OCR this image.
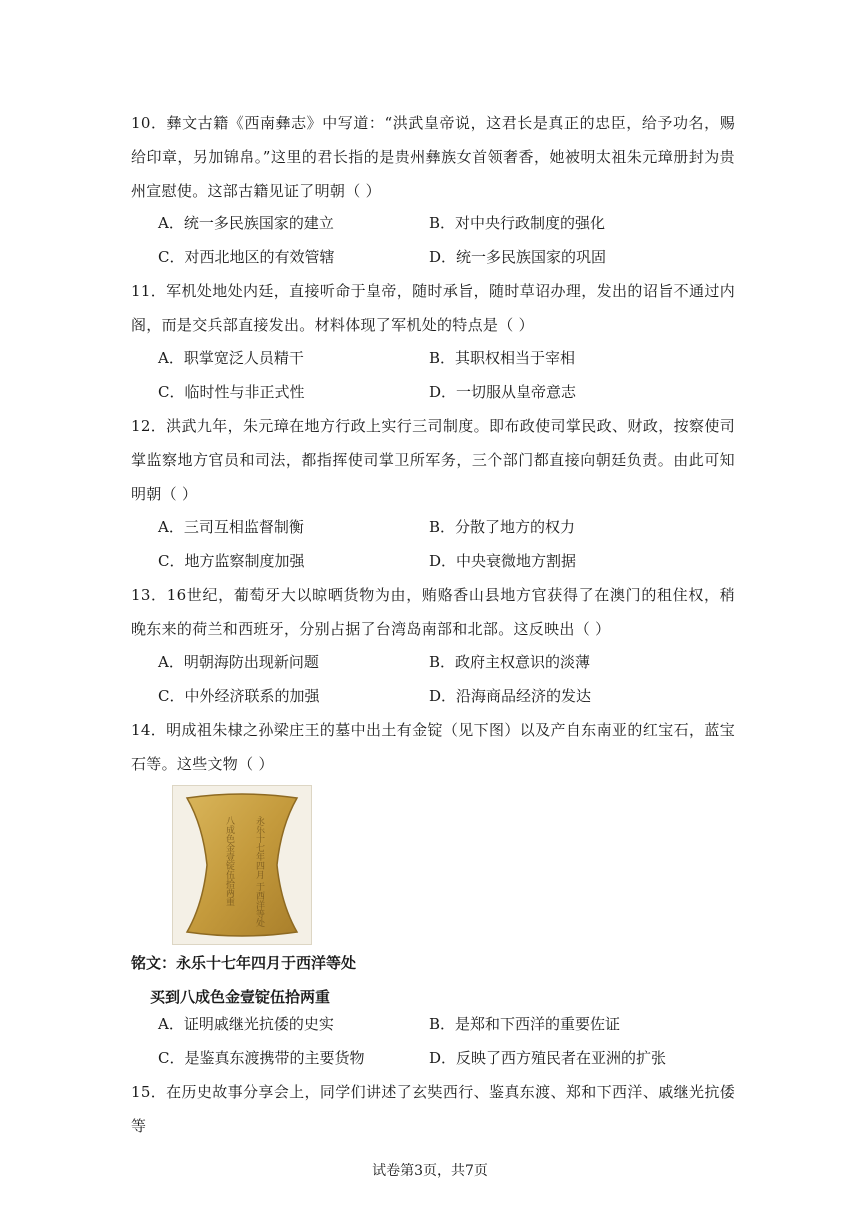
10．彝文古籍《西南彝志》中写道：“洪武皇帝说，这君长是真正的忠臣，给予功名，赐给印章，另加锦帛。”这里的君长指的是贵州彝族女首领奢香，她被明太祖朱元璋册封为贵州宣慰使。这部古籍见证了明朝（ ）
A．统一多民族国家的建立	B．对中央行政制度的强化
C．对西北地区的有效管辖	D．统一多民族国家的巩固
11．军机处地处内廷，直接听命于皇帝，随时承旨，随时草诏办理，发出的诏旨不通过内阁，而是交兵部直接发出。材料体现了军机处的特点是（ ）
A．职掌宽泛人员精干	B．其职权相当于宰相
C．临时性与非正式性	D．一切服从皇帝意志
12．洪武九年，朱元璋在地方行政上实行三司制度。即布政使司掌民政、财政，按察使司掌监察地方官员和司法，都指挥使司掌卫所军务，三个部门都直接向朝廷负责。由此可知明朝（ ）
A．三司互相监督制衡	B．分散了地方的权力
C．地方监察制度加强	D．中央衰微地方割据
13．16世纪，葡萄牙大以晾晒货物为由，贿赂香山县地方官获得了在澳门的租住权，稍晚东来的荷兰和西班牙，分别占据了台湾岛南部和北部。这反映出（ ）
A．明朝海防出现新问题	B．政府主权意识的淡薄
C．中外经济联系的加强	D．沿海商品经济的发达
14．明成祖朱棣之孙梁庄王的墓中出土有金锭（见下图）以及产自东南亚的红宝石，蓝宝石等。这些文物（ ）
永乐十七年四月 于西洋等处
八成色金壹锭伍拾两重
铭文：永乐十七年四月于西洋等处
买到八成色金壹锭伍拾两重
A．证明戚继光抗倭的史实	B．是郑和下西洋的重要佐证
C．是鉴真东渡携带的主要货物	D．反映了西方殖民者在亚洲的扩张
15．在历史故事分享会上，同学们讲述了玄奘西行、鉴真东渡、郑和下西洋、戚继光抗倭等
试卷第3页，共7页
